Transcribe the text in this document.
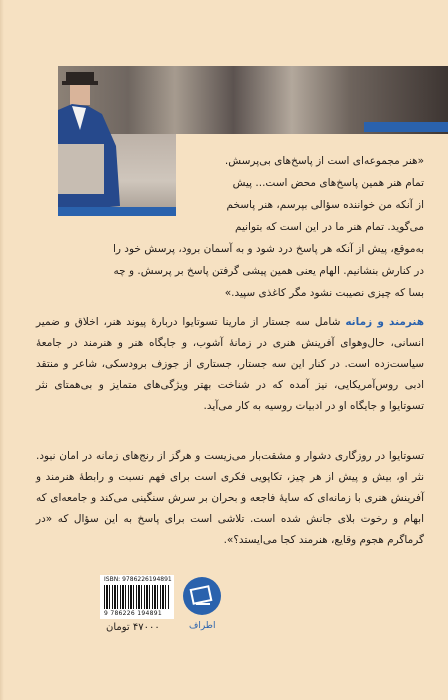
«هنر مجموعه‌ای است از پاسخ‌های بی‌پرسش.
تمام هنر همین پاسخ‌های محض است... پیش
از آنکه من خواننده سؤالی بپرسم، هنر پاسخم
می‌گوید. تمام هنر ما در این است که بتوانیم
به‌موقع، پیش از آنکه هر پاسخ درد شود و به آسمان برود، پرسش خود را
در کنارش بنشانیم. الهام یعنی همین پیشی گرفتن پاسخ بر پرسش. و چه
بسا که چیزی نصیبت نشود مگر کاغذی سپید.»
هنرمند و زمانه شامل سه جستار از مارینا تسوتایوا دربارهٔ پیوند هنر، اخلاق و ضمیر انسانی، حال‌وهوای آفرینش هنری در زمانهٔ آشوب، و جایگاه هنر و هنرمند در جامعهٔ سیاست‌زده است. در کنار این سه جستار، جستاری از جوزف برودسکی، شاعر و منتقد ادبی روس‌آمریکایی، نیز آمده که در شناخت بهتر ویژگی‌های متمایز و بی‌همتای نثر تسوتایوا و جایگاه او در ادبیات روسیه به کار می‌آید.
تسوتایوا در روزگاری دشوار و مشقت‌بار می‌زیست و هرگز از رنج‌های زمانه در امان نبود. نثر او، بیش و پیش از هر چیز، تکاپویی فکری است برای فهم نسبت و رابطهٔ هنرمند و آفرینش هنری با زمانه‌ای که سایهٔ فاجعه و بحران بر سرش سنگینی می‌کند و جامعه‌ای که ابهام و رخوت بلای جانش شده است. تلاشی است برای پاسخ به این سؤال که «در گرماگرم هجوم وقایع، هنرمند کجا می‌ایستد؟».
ISBN: 9786226194891
9 786226 194891
۴۷۰۰۰ تومان	اطراف
